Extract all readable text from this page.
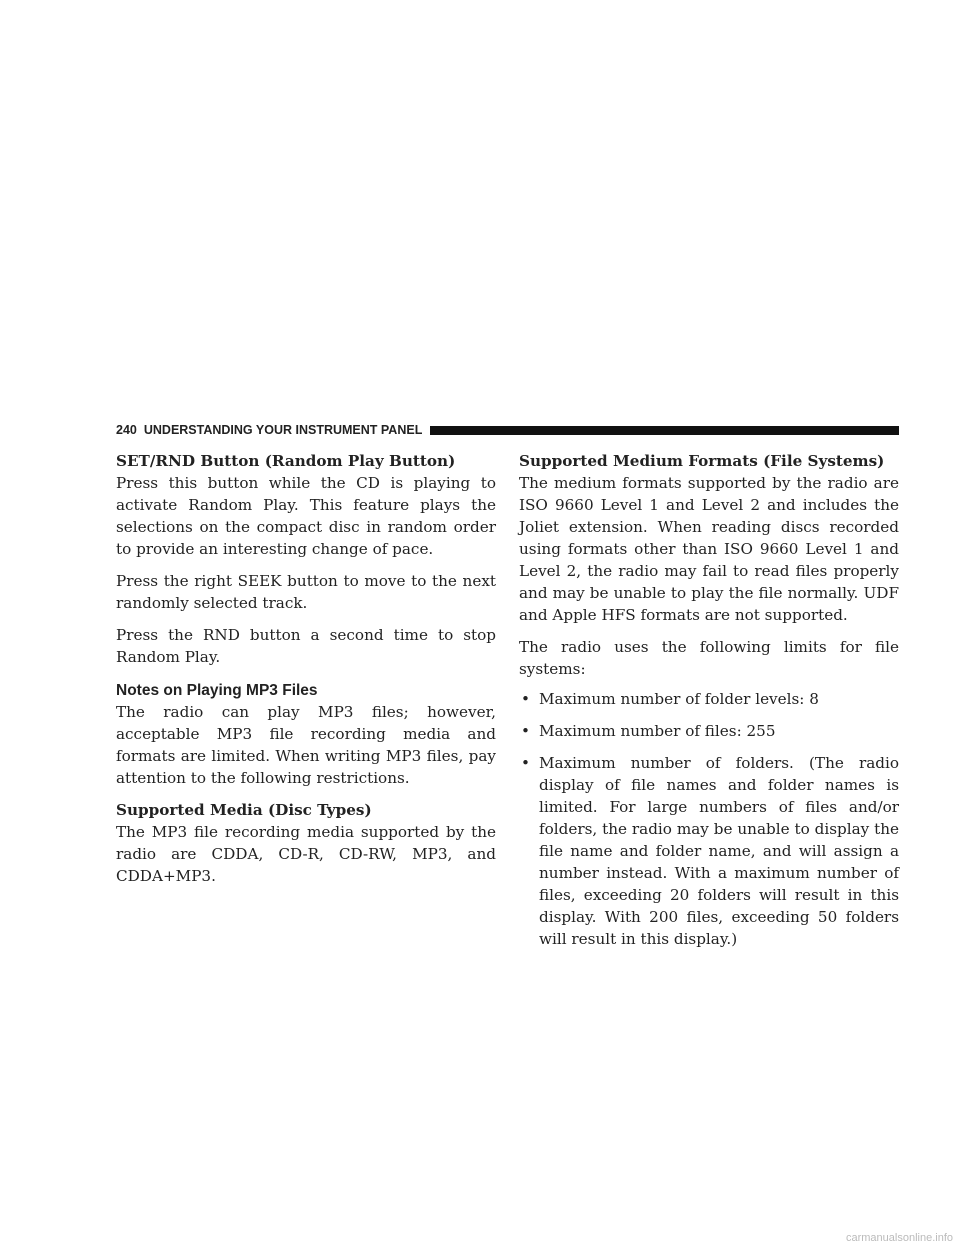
240 UNDERSTANDING YOUR INSTRUMENT PANEL
SET/RND Button (Random Play Button)

Press this button while the CD is playing to activate Random Play. This feature plays the selections on the compact disc in random order to provide an interesting change of pace.

Press the right SEEK button to move to the next randomly selected track.

Press the RND button a second time to stop Random Play.

Notes on Playing MP3 Files

The radio can play MP3 files; however, acceptable MP3 file recording media and formats are limited. When writing MP3 files, pay attention to the following restrictions.

Supported Media (Disc Types)

The MP3 file recording media supported by the radio are CDDA, CD-R, CD-RW, MP3, and CDDA+MP3.

Supported Medium Formats (File Systems)

The medium formats supported by the radio are ISO 9660 Level 1 and Level 2 and includes the Joliet extension. When reading discs recorded using formats other than ISO 9660 Level 1 and Level 2, the radio may fail to read files properly and may be unable to play the file normally. UDF and Apple HFS formats are not supported.

The radio uses the following limits for file systems:

• Maximum number of folder levels: 8
• Maximum number of files: 255
• Maximum number of folders. (The radio display of file names and folder names is limited. For large numbers of files and/or folders, the radio may be unable to display the file name and folder name, and will assign a number instead. With a maximum number of files, exceeding 20 folders will result in this display. With 200 files, exceeding 50 folders will result in this display.)
carmanualsonline.info
